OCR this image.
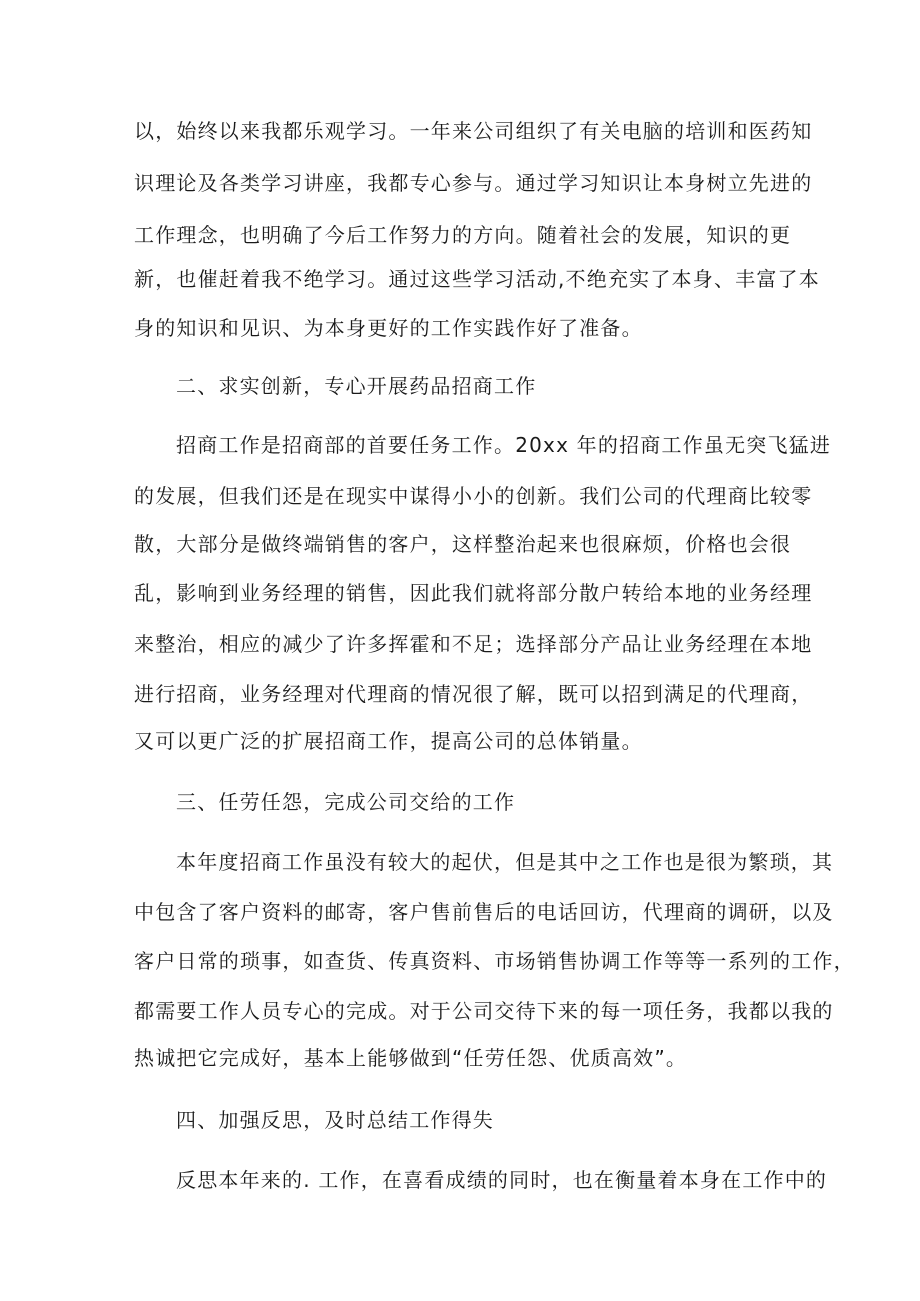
以，始终以来我都乐观学习。一年来公司组织了有关电脑的培训和医药知
识理论及各类学习讲座，我都专心参与。通过学习知识让本身树立先进的
工作理念，也明确了今后工作努力的方向。随着社会的发展，知识的更
新，也催赶着我不绝学习。通过这些学习活动,不绝充实了本身、丰富了本
身的知识和见识、为本身更好的工作实践作好了准备。
二、求实创新，专心开展药品招商工作
招商工作是招商部的首要任务工作。20xx 年的招商工作虽无突飞猛进
的发展，但我们还是在现实中谋得小小的创新。我们公司的代理商比较零
散，大部分是做终端销售的客户，这样整治起来也很麻烦，价格也会很
乱，影响到业务经理的销售，因此我们就将部分散户转给本地的业务经理
来整治，相应的减少了许多挥霍和不足；选择部分产品让业务经理在本地
进行招商，业务经理对代理商的情况很了解，既可以招到满足的代理商，
又可以更广泛的扩展招商工作，提高公司的总体销量。
三、任劳任怨，完成公司交给的工作
本年度招商工作虽没有较大的起伏，但是其中之工作也是很为繁琐，其
中包含了客户资料的邮寄，客户售前售后的电话回访，代理商的调研，以及
客户日常的琐事，如查货、传真资料、市场销售协调工作等等一系列的工作，
都需要工作人员专心的完成。对于公司交待下来的每一项任务，我都以我的
热诚把它完成好，基本上能够做到“任劳任怨、优质高效”。
四、加强反思，及时总结工作得失
反思本年来的. 工作，在喜看成绩的同时，也在衡量着本身在工作中的
